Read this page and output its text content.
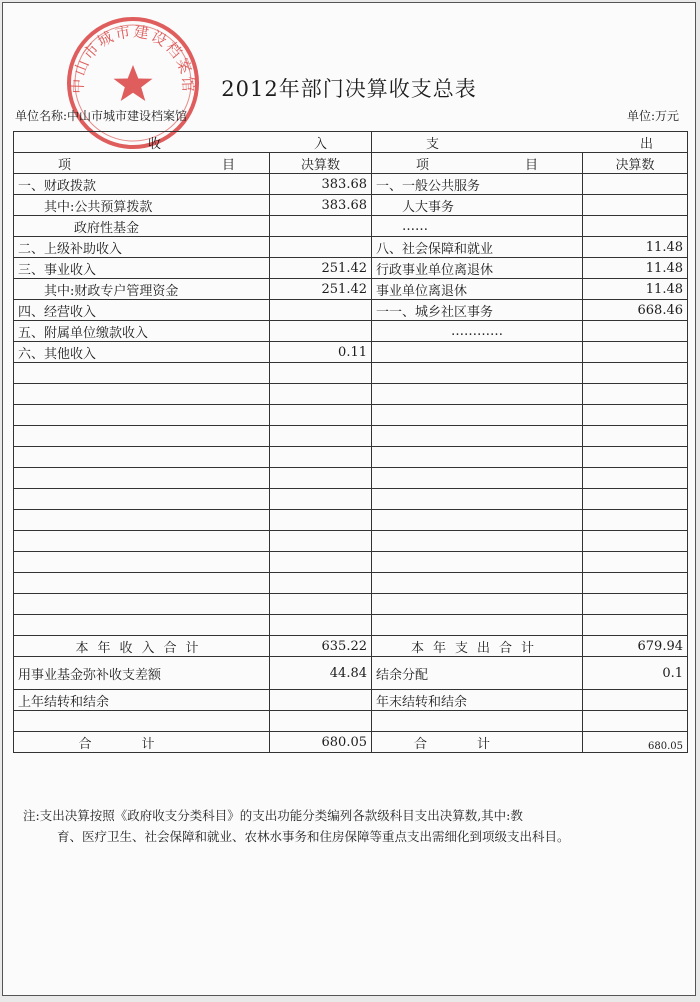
中山市城市建设档案馆	2012年部门决算收支总表
单位名称:中山市城市建设档案馆	单位:万元
收 入		支 出	

项 目	决算数	项 目	决算数
一、财政拨款	383.68	一、一般公共服务	
其中:公共预算拨款	383.68	人大事务	
政府性基金		……	
二、上级补助收入		八、社会保障和就业	11.48
三、事业收入	251.42	行政事业单位离退休	11.48
其中:财政专户管理资金	251.42	事业单位离退休	11.48
四、经营收入		一一、城乡社区事务	668.46
五、附属单位缴款收入		…………	
六、其他收入	0.11		

本年收入合计	635.22	本年支出合计	679.94
用事业基金弥补收支差额	44.84	结余分配	0.1
上年结转和结余		年末结转和结余	

合计	680.05	合计	680.05
注:支出决算按照《政府收支分类科目》的支出功能分类编列各款级科目支出决算数,其中:教
育、医疗卫生、社会保障和就业、农林水事务和住房保障等重点支出需细化到项级支出科目。
